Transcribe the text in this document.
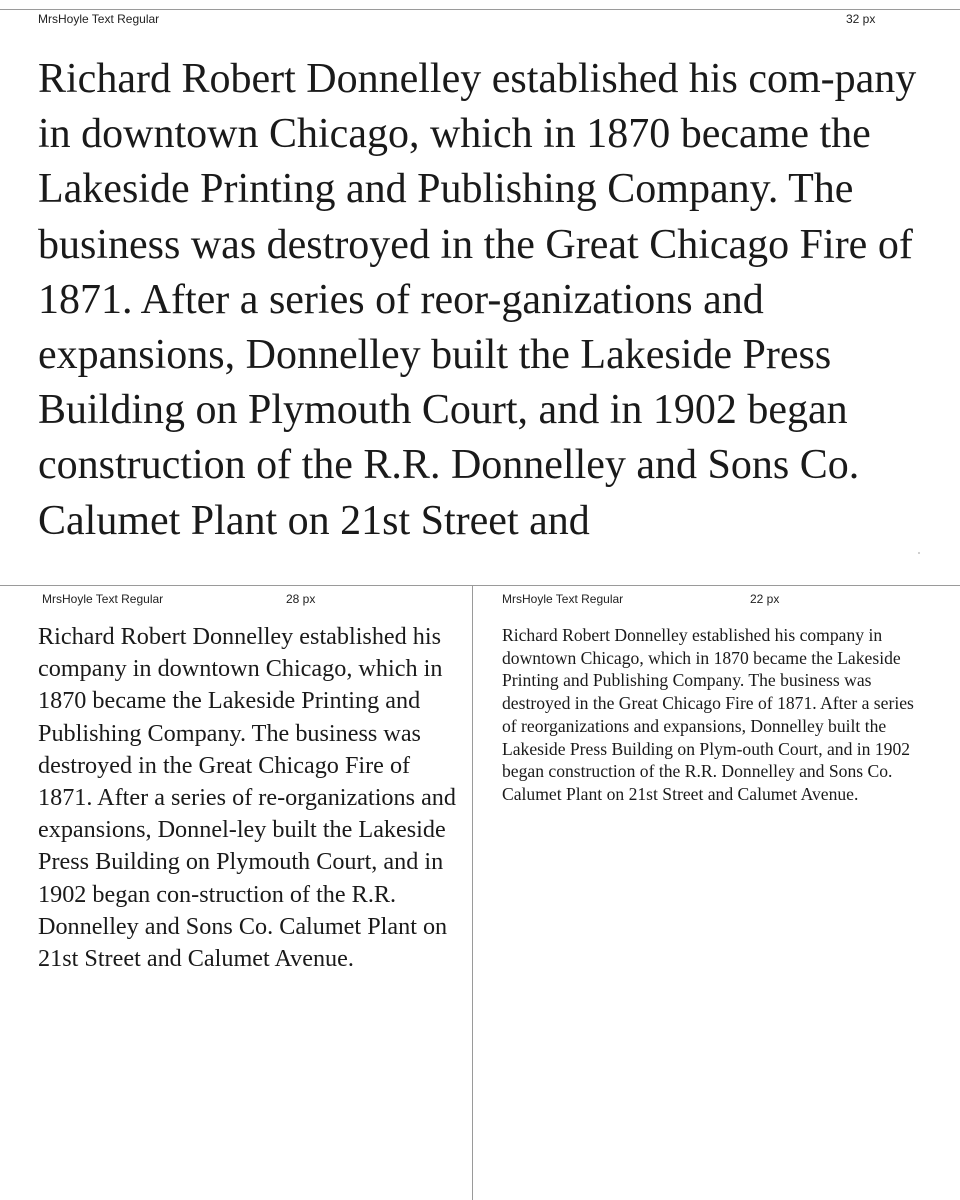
MrsHoyle Text Regular	32 px

Richard Robert Donnelley established his com-pany in downtown Chicago, which in 1870 became the Lakeside Printing and Publishing Company. The business was destroyed in the Great Chicago Fire of 1871. After a series of reor-ganizations and expansions, Donnelley built the Lakeside Press Building on Plymouth Court, and in 1902 began construction of the R.R. Donnelley and Sons Co. Calumet Plant on 21st Street and

MrsHoyle Text Regular	28 px

Richard Robert Donnelley established his company in downtown Chicago, which in 1870 became the Lakeside Printing and Publishing Company. The business was destroyed in the Great Chicago Fire of 1871. After a series of re-organizations and expansions, Donnel-ley built the Lakeside Press Building on Plymouth Court, and in 1902 began con-struction of the R.R. Donnelley and Sons Co. Calumet Plant on 21st Street and Calumet Avenue.

MrsHoyle Text Regular	22 px

Richard Robert Donnelley established his company in downtown Chicago, which in 1870 became the Lakeside Printing and Publishing Company. The business was destroyed in the Great Chicago Fire of 1871. After a series of reorganizations and expansions, Donnelley built the Lakeside Press Building on Plym-outh Court, and in 1902 began construction of the R.R. Donnelley and Sons Co. Calumet Plant on 21st Street and Calumet Avenue.
